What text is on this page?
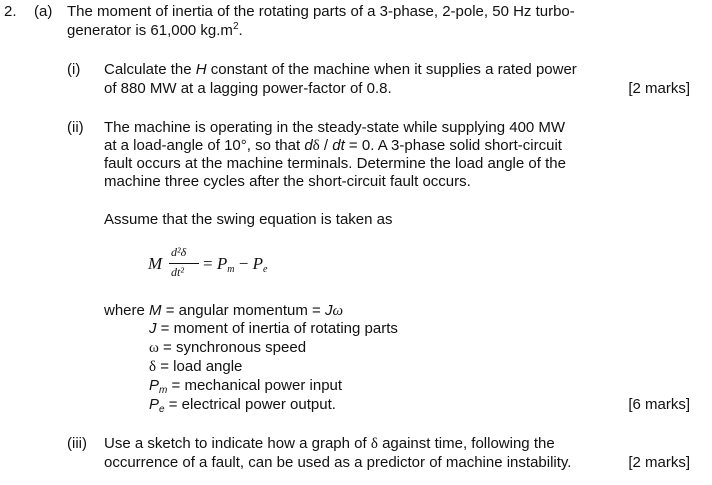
2. (a) The moment of inertia of the rotating parts of a 3-phase, 2-pole, 50 Hz turbo-
generator is 61,000 $kg.m^2$.
(i) Calculate the H constant of the machine when it supplies a rated power
of 880 MW at a lagging power-factor of 0.8.	[2 marks]
(ii) The machine is operating in the steady-state while supplying 400 MW
at a load-angle of 10°, so that dδ / dt = 0. A 3-phase solid short-circuit
fault occurs at the machine terminals. Determine the load angle of the
machine three cycles after the short-circuit fault occurs.
Assume that the swing equation is taken as
M
d²δ
$dt^2 = P_m - P_e$
where M = angular momentum = Jω
J = moment of inertia of rotating parts
ω = synchronous speed
δ = load angle
$P_m$ = mechanical power input
$P_e$ = electrical power output.	[6 marks]
(iii) Use a sketch to indicate how a graph of δ against time, following the
occurrence of a fault, can be used as a predictor of machine instability.	[2 marks]
